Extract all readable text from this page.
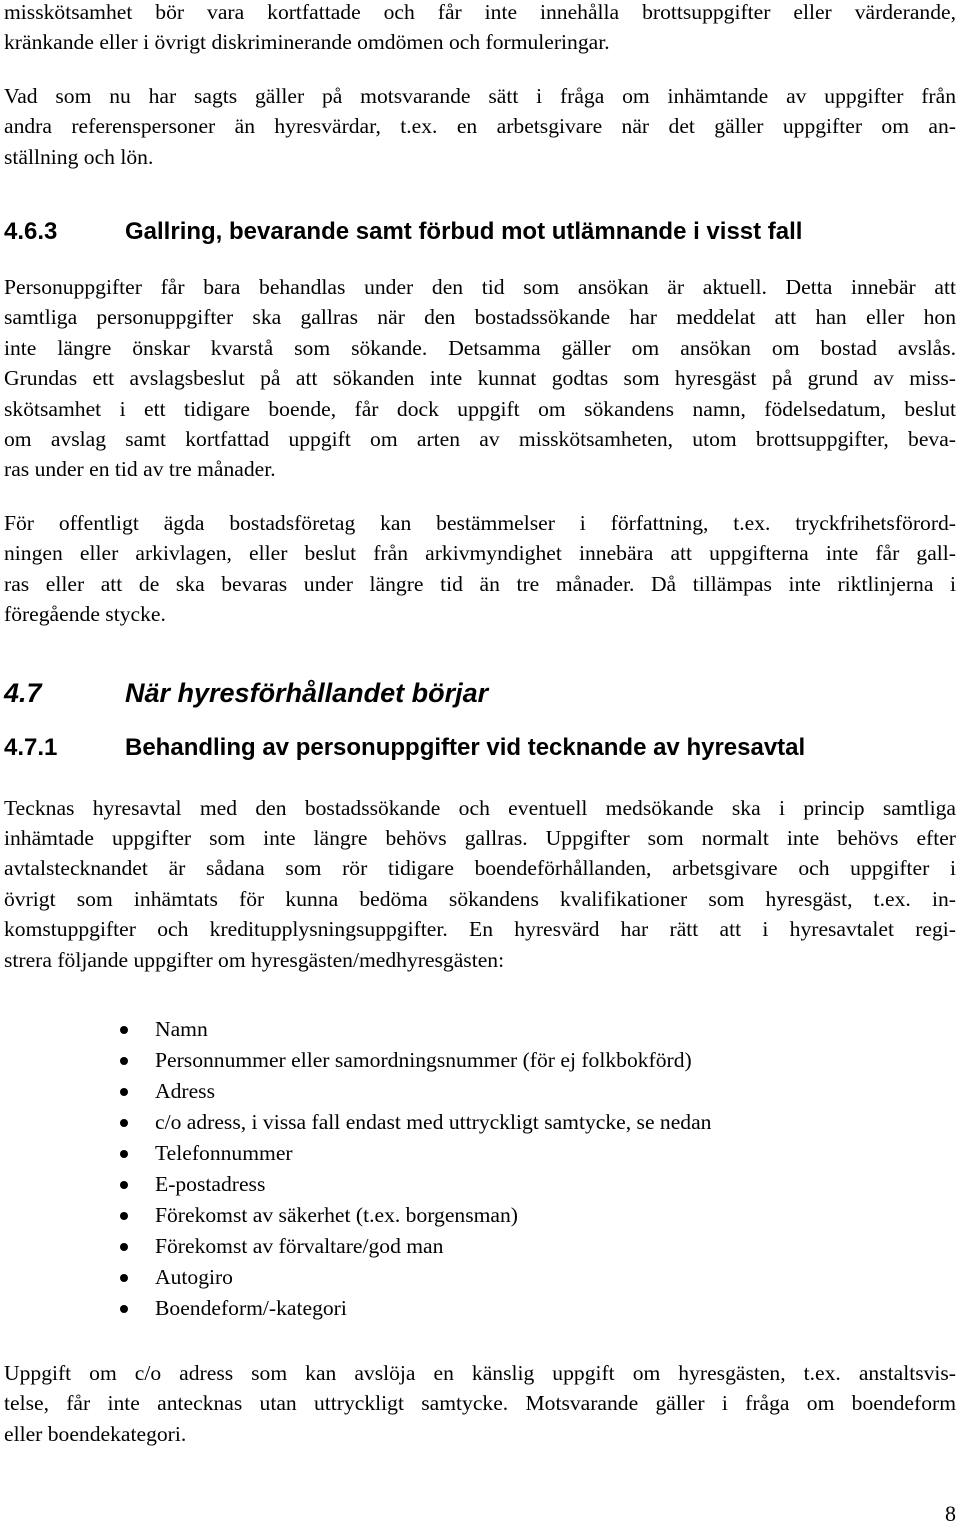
misskötsamhet bör vara kortfattade och får inte innehålla brottsuppgifter eller värderande,
kränkande eller i övrigt diskriminerande omdömen och formuleringar.

Vad som nu har sagts gäller på motsvarande sätt i fråga om inhämtande av uppgifter från
andra referenspersoner än hyresvärdar, t.ex. en arbetsgivare när det gäller uppgifter om an-
ställning och lön.

4.6.3	Gallring, bevarande samt förbud mot utlämnande i visst fall

Personuppgifter får bara behandlas under den tid som ansökan är aktuell. Detta innebär att
samtliga personuppgifter ska gallras när den bostadssökande har meddelat att han eller hon
inte längre önskar kvarstå som sökande. Detsamma gäller om ansökan om bostad avslås.
Grundas ett avslagsbeslut på att sökanden inte kunnat godtas som hyresgäst på grund av miss-
skötsamhet i ett tidigare boende, får dock uppgift om sökandens namn, födelsedatum, beslut
om avslag samt kortfattad uppgift om arten av misskötsamheten, utom brottsuppgifter, beva-
ras under en tid av tre månader.

För offentligt ägda bostadsföretag kan bestämmelser i författning, t.ex. tryckfrihetsförord-
ningen eller arkivlagen, eller beslut från arkivmyndighet innebära att uppgifterna inte får gall-
ras eller att de ska bevaras under längre tid än tre månader. Då tillämpas inte riktlinjerna i
föregående stycke.

4.7	När hyresförhållandet börjar
4.7.1	Behandling av personuppgifter vid tecknande av hyresavtal

Tecknas hyresavtal med den bostadssökande och eventuell medsökande ska i princip samtliga
inhämtade uppgifter som inte längre behövs gallras. Uppgifter som normalt inte behövs efter
avtalstecknandet är sådana som rör tidigare boendeförhållanden, arbetsgivare och uppgifter i
övrigt som inhämtats för kunna bedöma sökandens kvalifikationer som hyresgäst, t.ex. in-
komstuppgifter och kreditupplysningsuppgifter. En hyresvärd har rätt att i hyresavtalet regi-
strera följande uppgifter om hyresgästen/medhyresgästen:

Namn
Personnummer eller samordningsnummer (för ej folkbokförd)
Adress
c/o adress, i vissa fall endast med uttryckligt samtycke, se nedan
Telefonnummer
E-postadress
Förekomst av säkerhet (t.ex. borgensman)
Förekomst av förvaltare/god man
Autogiro
Boendeform/-kategori

Uppgift om c/o adress som kan avslöja en känslig uppgift om hyresgästen, t.ex. anstaltsvis-
telse, får inte antecknas utan uttryckligt samtycke. Motsvarande gäller i fråga om boendeform
eller boendekategori.

8
